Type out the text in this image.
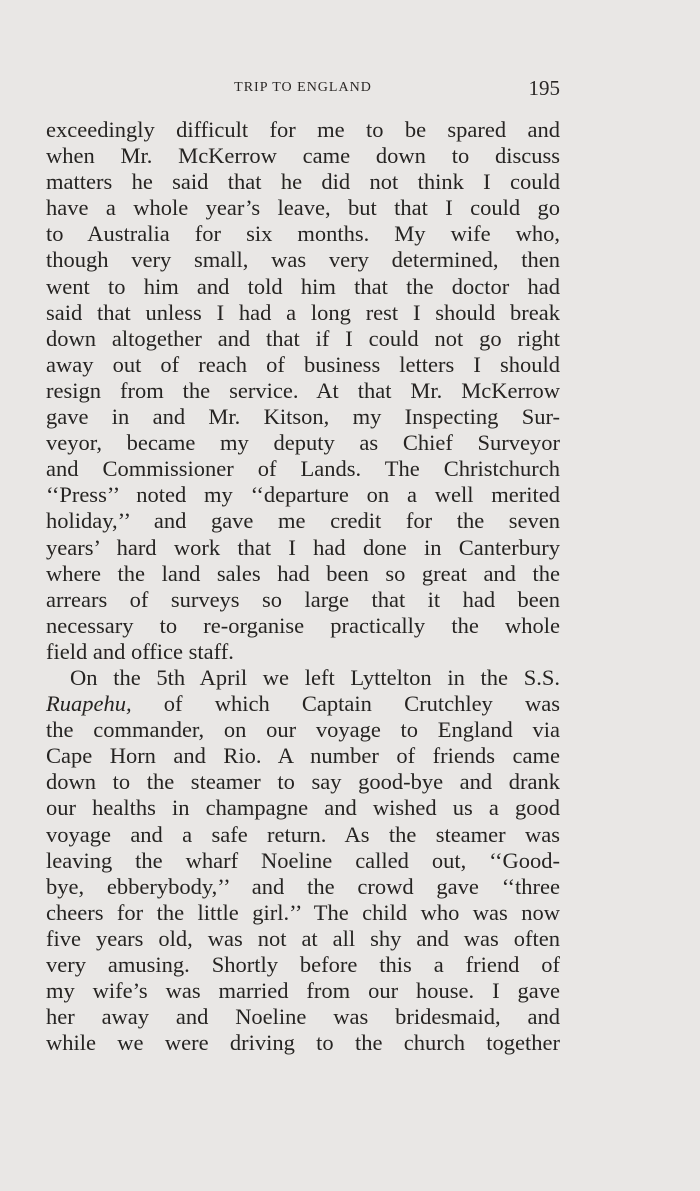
TRIP TO ENGLAND	195
exceedingly difficult for me to be spared and
when Mr. McKerrow came down to discuss
matters he said that he did not think I could
have a whole year’s leave, but that I could go
to Australia for six months. My wife who,
though very small, was very determined, then
went to him and told him that the doctor had
said that unless I had a long rest I should break
down altogether and that if I could not go right
away out of reach of business letters I should
resign from the service. At that Mr. McKerrow
gave in and Mr. Kitson, my Inspecting Sur-
veyor, became my deputy as Chief Surveyor
and Commissioner of Lands. The Christchurch
‘‘Press’’ noted my ‘‘departure on a well merited
holiday,’’ and gave me credit for the seven
years’ hard work that I had done in Canterbury
where the land sales had been so great and the
arrears of surveys so large that it had been
necessary to re-organise practically the whole
field and office staff.
On the 5th April we left Lyttelton in the S.S.
Ruapehu, of which Captain Crutchley was
the commander, on our voyage to England via
Cape Horn and Rio. A number of friends came
down to the steamer to say good-bye and drank
our healths in champagne and wished us a good
voyage and a safe return. As the steamer was
leaving the wharf Noeline called out, ‘‘Good-
bye, ebberybody,’’ and the crowd gave ‘‘three
cheers for the little girl.’’ The child who was now
five years old, was not at all shy and was often
very amusing. Shortly before this a friend of
my wife’s was married from our house. I gave
her away and Noeline was bridesmaid, and
while we were driving to the church together
